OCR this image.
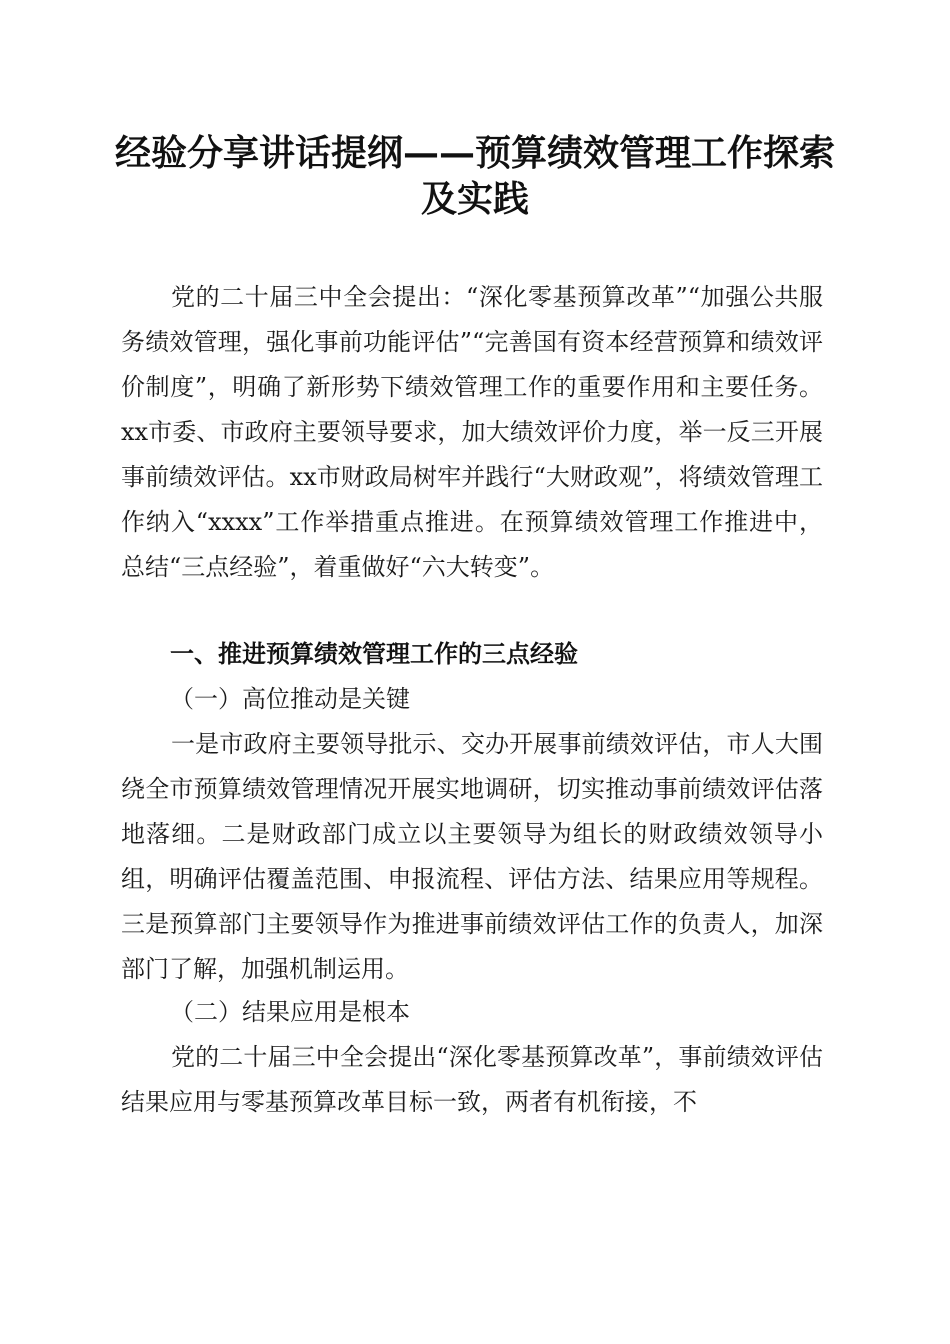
经验分享讲话提纲——预算绩效管理工作探索及实践

党的二十届三中全会提出：“深化零基预算改革”“加强公共服务绩效管理，强化事前功能评估”“完善国有资本经营预算和绩效评价制度”，明确了新形势下绩效管理工作的重要作用和主要任务。xx市委、市政府主要领导要求，加大绩效评价力度，举一反三开展事前绩效评估。xx市财政局树牢并践行“大财政观”，将绩效管理工作纳入“xxxx”工作举措重点推进。在预算绩效管理工作推进中，总结“三点经验”，着重做好“六大转变”。

一、推进预算绩效管理工作的三点经验

（一）高位推动是关键

一是市政府主要领导批示、交办开展事前绩效评估，市人大围绕全市预算绩效管理情况开展实地调研，切实推动事前绩效评估落地落细。二是财政部门成立以主要领导为组长的财政绩效领导小组，明确评估覆盖范围、申报流程、评估方法、结果应用等规程。三是预算部门主要领导作为推进事前绩效评估工作的负责人，加深部门了解，加强机制运用。

（二）结果应用是根本

党的二十届三中全会提出“深化零基预算改革”，事前绩效评估结果应用与零基预算改革目标一致，两者有机衔接，不
